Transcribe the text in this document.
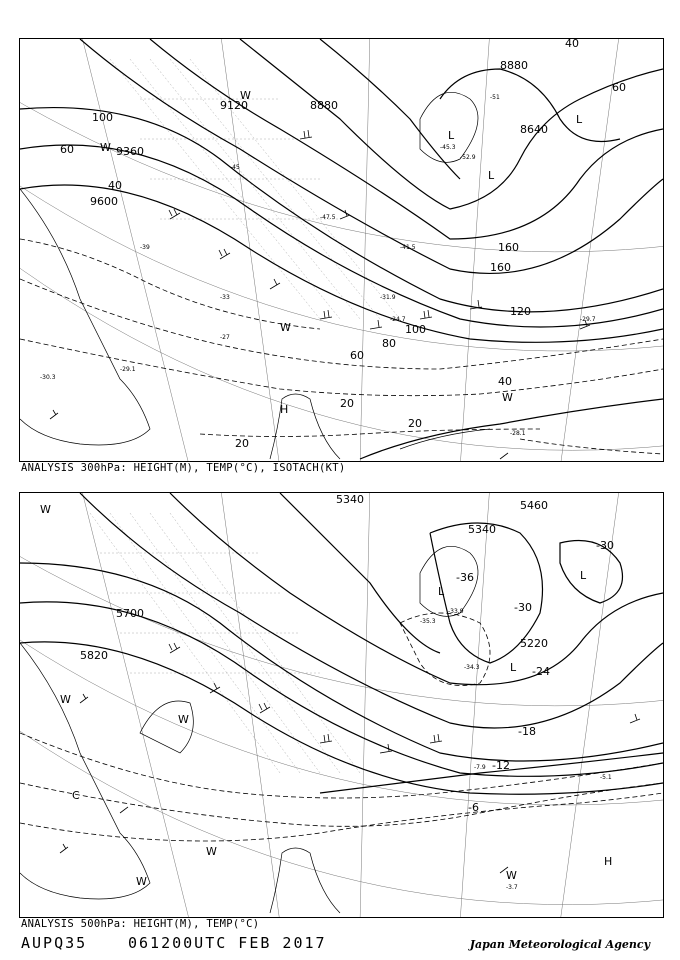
9120	8880
8640
9600
9360
8880
100
60
40
20
160
100
60
40
20
40
60
80
20
160
120
-51
-45
-39
-33
-27
-45.3
-52.9
-47.5
-41.5
-31.9
-29.7
-29.1
-28.1
-30.3
-24.7
L
L
L
W
W
W
W
H
ANALYSIS 300hPa: HEIGHT(M), TEMP(°C), ISOTACH(KT)
5340
5460
5340
5220
5700
5820
-30
-36
-30
-24
-18
-12
-6
-33.9
-35.3
-34.3
-7.9
-5.1
-3.7
L
L
L
W
W
W
W
C
W
W
H
ANALYSIS 500hPa: HEIGHT(M), TEMP(°C)
AUPQ35	061200UTC FEB 2017	Japan Meteorological Agency
